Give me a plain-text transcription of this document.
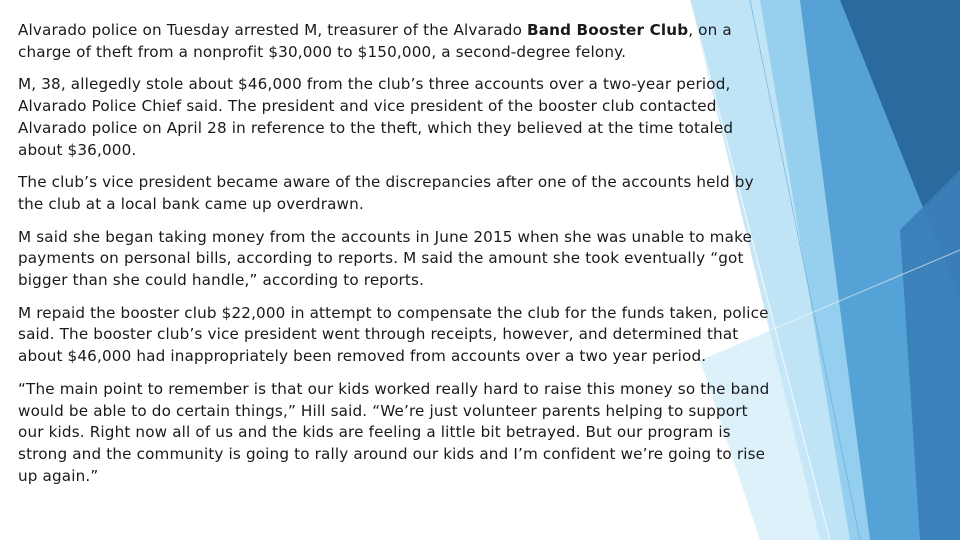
Alvarado police on Tuesday arrested M, treasurer of the Alvarado Band Booster Club, on a charge of theft from a nonprofit $30,000 to $150,000, a second-degree felony.

M, 38, allegedly stole about $46,000 from the club’s three accounts over a two-year period, Alvarado Police Chief said. The president and vice president of the booster club contacted Alvarado police on April 28 in reference to the theft, which they believed at the time totaled about $36,000.

The club’s vice president became aware of the discrepancies after one of the accounts held by the club at a local bank came up overdrawn.

M said she began taking money from the accounts in June 2015 when she was unable to make payments on personal bills, according to reports. M said the amount she took eventually “got bigger than she could handle,” according to reports.

M repaid the booster club $22,000 in attempt to compensate the club for the funds taken, police said. The booster club’s vice president went through receipts, however, and determined that about $46,000 had inappropriately been removed from accounts over a two year period.

“The main point to remember is that our kids worked really hard to raise this money so the band would be able to do certain things,” Hill said. “We’re just volunteer parents helping to support our kids. Right now all of us and the kids are feeling a little bit betrayed. But our program is strong and the community is going to rally around our kids and I’m confident we’re going to rise up again.”
